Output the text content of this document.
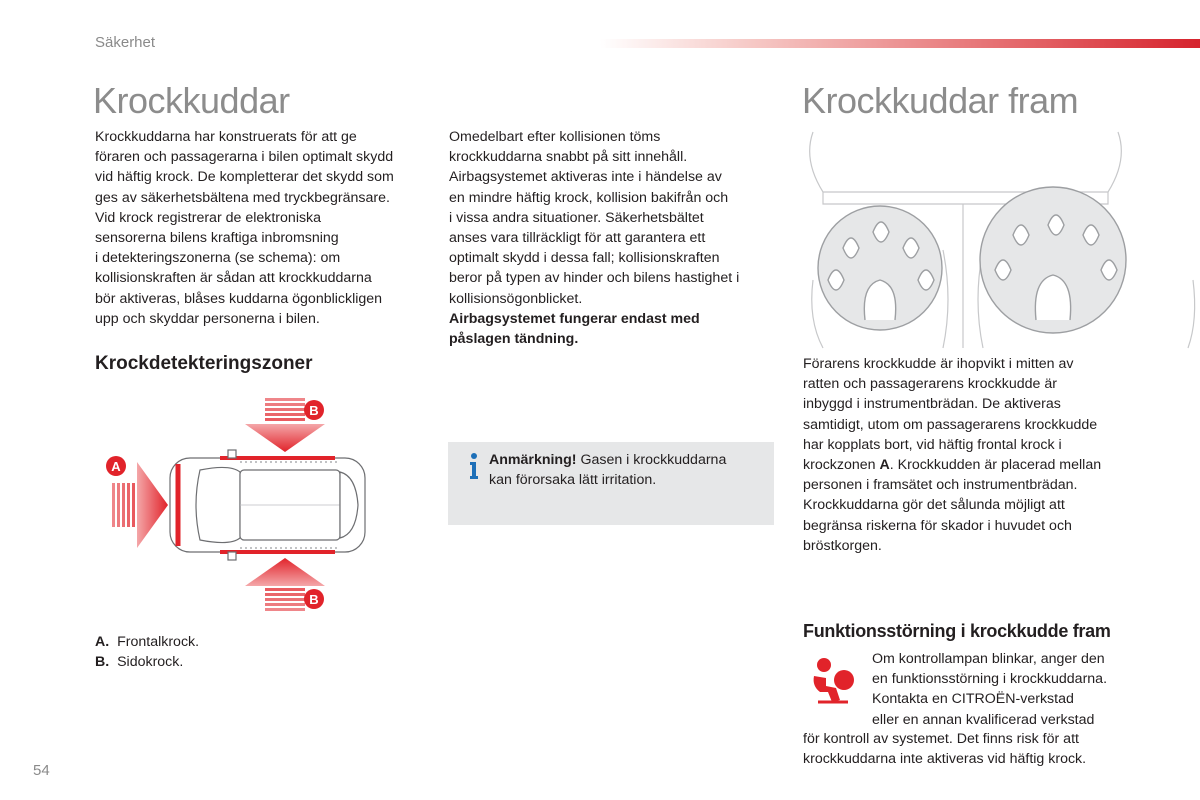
Säkerhet
Krockkuddar
Krockkuddarna har konstruerats för att ge
föraren och passagerarna i bilen optimalt skydd
vid häftig krock. De kompletterar det skydd som
ges av säkerhetsbältena med tryckbegränsare.
Vid krock registrerar de elektroniska
sensorerna bilens kraftiga inbromsning
i detekteringszonerna (se schema): om
kollisionskraften är sådan att krockkuddarna
bör aktiveras, blåses kuddarna ögonblickligen
upp och skyddar personerna i bilen.
Krockdetekteringszoner
B
B
A
A. Frontalkrock.
B. Sidokrock.
Omedelbart efter kollisionen töms
krockkuddarna snabbt på sitt innehåll.
Airbagsystemet aktiveras inte i händelse av
en mindre häftig krock, kollision bakifrån och
i vissa andra situationer. Säkerhetsbältet
anses vara tillräckligt för att garantera ett
optimalt skydd i dessa fall; kollisionskraften
beror på typen av hinder och bilens hastighet i
kollisionsögonblicket.
Airbagsystemet fungerar endast med
påslagen tändning.
Anmärkning! Gasen i krockkuddarna
kan förorsaka lätt irritation.
Krockkuddar fram
Förarens krockkudde är ihopvikt i mitten av
ratten och passagerarens krockkudde är
inbyggd i instrumentbrädan. De aktiveras
samtidigt, utom om passagerarens krockkudde
har kopplats bort, vid häftig frontal krock i
krockzonen A. Krockkudden är placerad mellan
personen i framsätet och instrumentbrädan.
Krockkuddarna gör det sålunda möjligt att
begränsa riskerna för skador i huvudet och
bröstkorgen.
Funktionsstörning i krockkudde fram
Om kontrollampan blinkar, anger den
en funktionsstörning i krockkuddarna.
Kontakta en CITROËN-verkstad
eller en annan kvalificerad verkstad
för kontroll av systemet. Det finns risk för att
krockkuddarna inte aktiveras vid häftig krock.
54
